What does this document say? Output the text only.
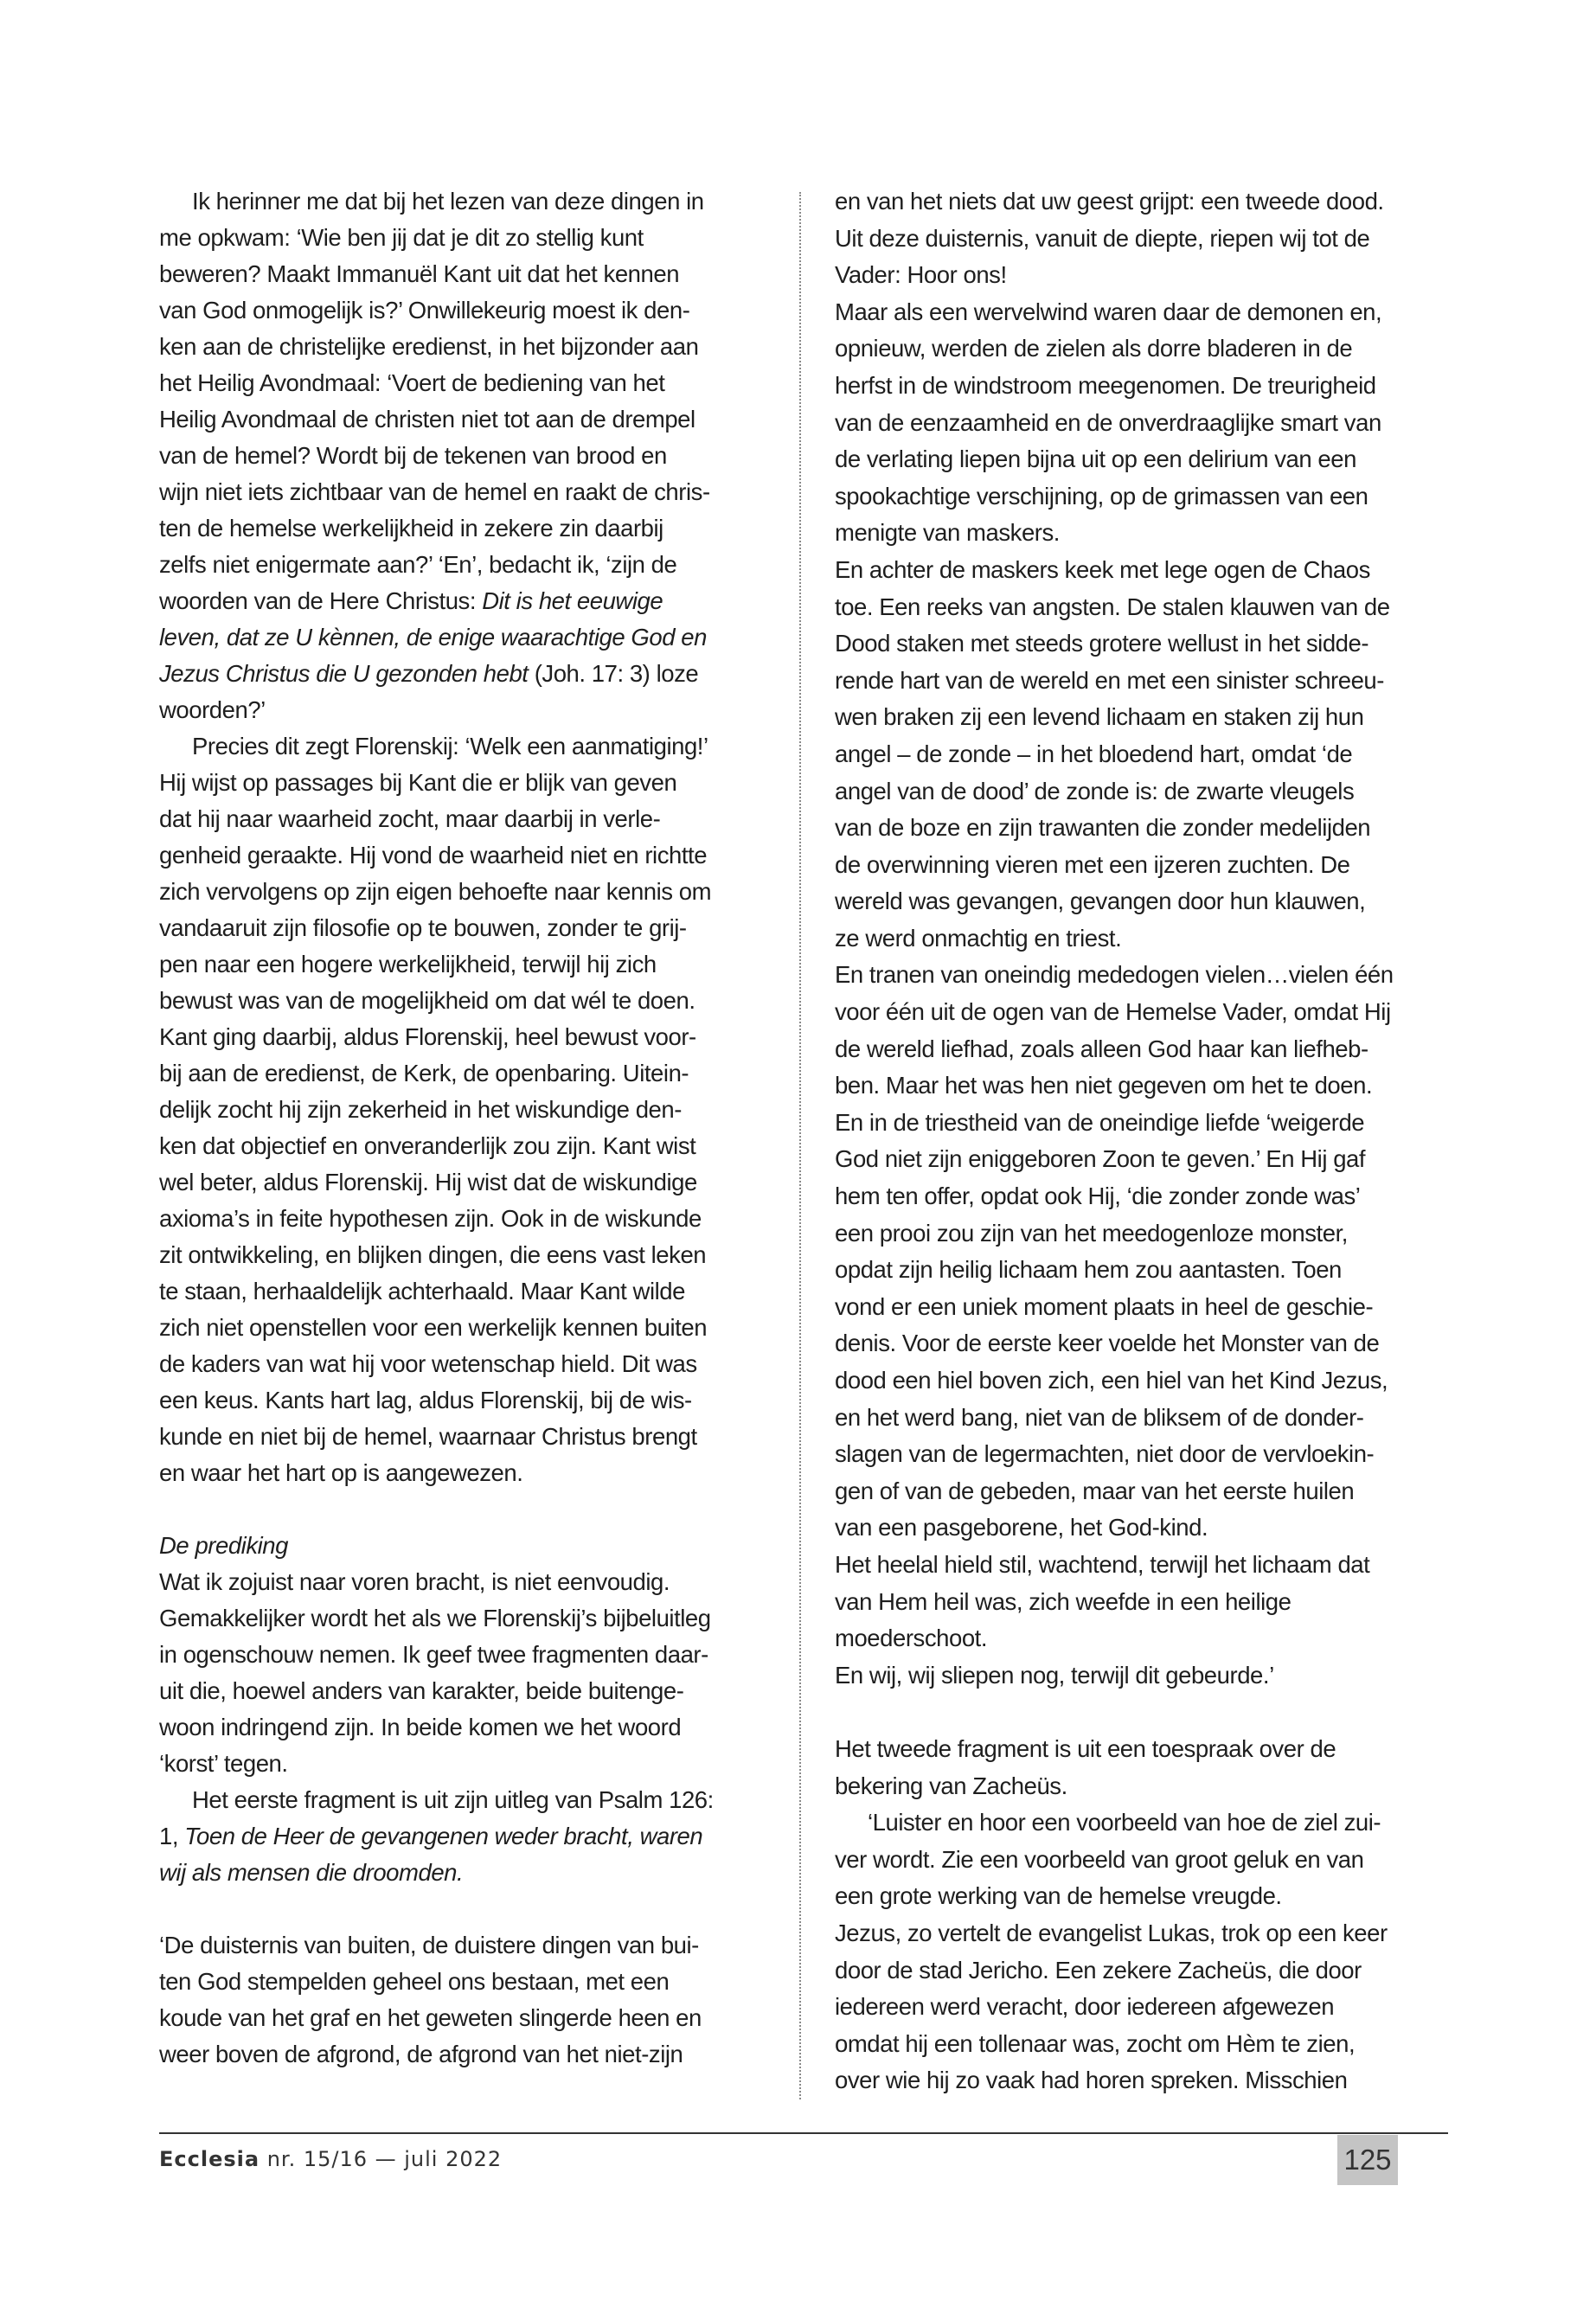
Ik herinner me dat bij het lezen van deze dingen in
me opkwam: ‘Wie ben jij dat je dit zo stellig kunt
beweren? Maakt Immanuël Kant uit dat het kennen
van God onmogelijk is?’ Onwillekeurig moest ik den-
ken aan de christelijke eredienst, in het bijzonder aan
het Heilig Avondmaal: ‘Voert de bediening van het
Heilig Avondmaal de christen niet tot aan de drempel
van de hemel? Wordt bij de tekenen van brood en
wijn niet iets zichtbaar van de hemel en raakt de chris-
ten de hemelse werkelijkheid in zekere zin daarbij
zelfs niet enigermate aan?’ ‘En’, bedacht ik, ‘zijn de
woorden van de Here Christus: Dit is het eeuwige
leven, dat ze U kènnen, de enige waarachtige God en
Jezus Christus die U gezonden hebt (Joh. 17: 3) loze
woorden?’
Precies dit zegt Florenskij: ‘Welk een aanmatiging!’
Hij wijst op passages bij Kant die er blijk van geven
dat hij naar waarheid zocht, maar daarbij in verle-
genheid geraakte. Hij vond de waarheid niet en richtte
zich vervolgens op zijn eigen behoefte naar kennis om
vandaaruit zijn filosofie op te bouwen, zonder te grij-
pen naar een hogere werkelijkheid, terwijl hij zich
bewust was van de mogelijkheid om dat wél te doen.
Kant ging daarbij, aldus Florenskij, heel bewust voor-
bij aan de eredienst, de Kerk, de openbaring. Uitein-
delijk zocht hij zijn zekerheid in het wiskundige den-
ken dat objectief en onveranderlijk zou zijn. Kant wist
wel beter, aldus Florenskij. Hij wist dat de wiskundige
axioma’s in feite hypothesen zijn. Ook in de wiskunde
zit ontwikkeling, en blijken dingen, die eens vast leken
te staan, herhaaldelijk achterhaald. Maar Kant wilde
zich niet openstellen voor een werkelijk kennen buiten
de kaders van wat hij voor wetenschap hield. Dit was
een keus. Kants hart lag, aldus Florenskij, bij de wis-
kunde en niet bij de hemel, waarnaar Christus brengt
en waar het hart op is aangewezen.
De prediking
Wat ik zojuist naar voren bracht, is niet eenvoudig.
Gemakkelijker wordt het als we Florenskij’s bijbeluitleg
in ogenschouw nemen. Ik geef twee fragmenten daar-
uit die, hoewel anders van karakter, beide buitenge-
woon indringend zijn. In beide komen we het woord
‘korst’ tegen.
Het eerste fragment is uit zijn uitleg van Psalm 126:
1, Toen de Heer de gevangenen weder bracht, waren
wij als mensen die droomden.
‘De duisternis van buiten, de duistere dingen van bui-
ten God stempelden geheel ons bestaan, met een
koude van het graf en het geweten slingerde heen en
weer boven de afgrond, de afgrond van het niet-zijn
en van het niets dat uw geest grijpt: een tweede dood.
Uit deze duisternis, vanuit de diepte, riepen wij tot de
Vader: Hoor ons!
Maar als een wervelwind waren daar de demonen en,
opnieuw, werden de zielen als dorre bladeren in de
herfst in de windstroom meegenomen. De treurigheid
van de eenzaamheid en de onverdraaglijke smart van
de verlating liepen bijna uit op een delirium van een
spookachtige verschijning, op de grimassen van een
menigte van maskers.
En achter de maskers keek met lege ogen de Chaos
toe. Een reeks van angsten. De stalen klauwen van de
Dood staken met steeds grotere wellust in het sidde-
rende hart van de wereld en met een sinister schreeu-
wen braken zij een levend lichaam en staken zij hun
angel – de zonde – in het bloedend hart, omdat ‘de
angel van de dood’ de zonde is: de zwarte vleugels
van de boze en zijn trawanten die zonder medelijden
de overwinning vieren met een ijzeren zuchten. De
wereld was gevangen, gevangen door hun klauwen,
ze werd onmachtig en triest.
En tranen van oneindig mededogen vielen…vielen één
voor één uit de ogen van de Hemelse Vader, omdat Hij
de wereld liefhad, zoals alleen God haar kan liefheb-
ben. Maar het was hen niet gegeven om het te doen.
En in de triestheid van de oneindige liefde ‘weigerde
God niet zijn eniggeboren Zoon te geven.’ En Hij gaf
hem ten offer, opdat ook Hij, ‘die zonder zonde was’
een prooi zou zijn van het meedogenloze monster,
opdat zijn heilig lichaam hem zou aantasten. Toen
vond er een uniek moment plaats in heel de geschie-
denis. Voor de eerste keer voelde het Monster van de
dood een hiel boven zich, een hiel van het Kind Jezus,
en het werd bang, niet van de bliksem of de donder-
slagen van de legermachten, niet door de vervloekin-
gen of van de gebeden, maar van het eerste huilen
van een pasgeborene, het God-kind.
Het heelal hield stil, wachtend, terwijl het lichaam dat
van Hem heil was, zich weefde in een heilige
moederschoot.
En wij, wij sliepen nog, terwijl dit gebeurde.’
Het tweede fragment is uit een toespraak over de
bekering van Zacheüs.
‘Luister en hoor een voorbeeld van hoe de ziel zui-
ver wordt. Zie een voorbeeld van groot geluk en van
een grote werking van de hemelse vreugde.
Jezus, zo vertelt de evangelist Lukas, trok op een keer
door de stad Jericho. Een zekere Zacheüs, die door
iedereen werd veracht, door iedereen afgewezen
omdat hij een tollenaar was, zocht om Hèm te zien,
over wie hij zo vaak had horen spreken. Misschien
Ecclesia nr. 15/16 — juli 2022	125
